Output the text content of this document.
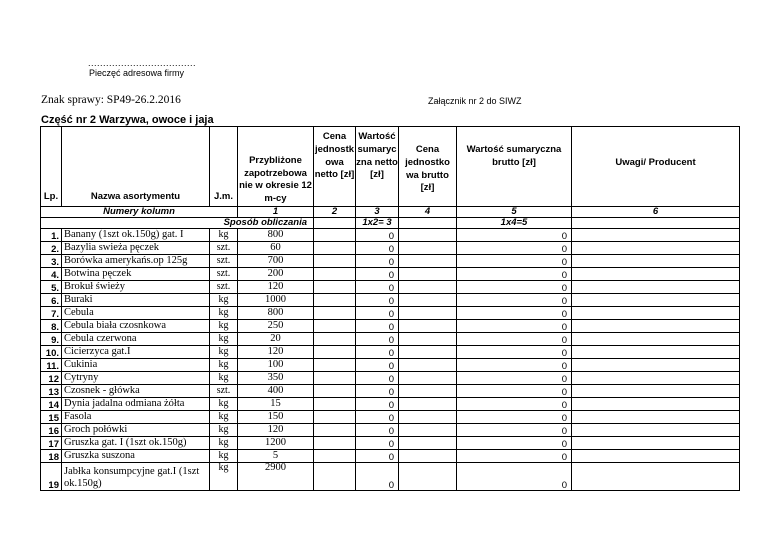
....................................
Pieczęć adresowa firmy
Znak sprawy: SP49-26.2.2016	Załącznik nr 2 do SIWZ
Część nr 2 Warzywa, owoce i jaja
Lp.	Nazwa asortymentu	J.m.	Przybliżone zapotrzebowa nie w okresie 12 m-cy	Cena jednostk owa netto [zł]	Wartość sumaryc zna netto [zł]	Cena jednostko wa brutto [zł]	Wartość sumaryczna brutto [zł]	Uwagi/ Producent
Numery kolumn			1	2	3	4	5	6
Sposób obliczania					1x2= 3		1x4=5	
1.	Banany (1szt ok.150g) gat. I	kg	800		0		0	
2.	Bazylia swieża pęczek	szt.	60		0		0	
3.	Borówka amerykańs.op 125g	szt.	700		0		0	
4.	Botwina pęczek	szt.	200		0		0	
5.	Brokuł świeży	szt.	120		0		0	
6.	Buraki	kg	1000		0		0	
7.	Cebula	kg	800		0		0	
8.	Cebula biała czosnkowa	kg	250		0		0	
9.	Cebula czerwona	kg	20		0		0	
10.	Cicierzyca gat.I	kg	120		0		0	
11.	Cukinia	kg	100		0		0	
12	Cytryny	kg	350		0		0	
13	Czosnek - główka	szt.	400		0		0	
14	Dynia jadalna odmiana żółta	kg	15		0		0	
15	Fasola	kg	150		0		0	
16	Groch połówki	kg	120		0		0	
17	Gruszka gat. I (1szt ok.150g)	kg	1200		0		0	
18	Gruszka suszona	kg	5		0		0	
19	Jabłka konsumpcyjne gat.I (1szt ok.150g)	kg	2900		0		0	
